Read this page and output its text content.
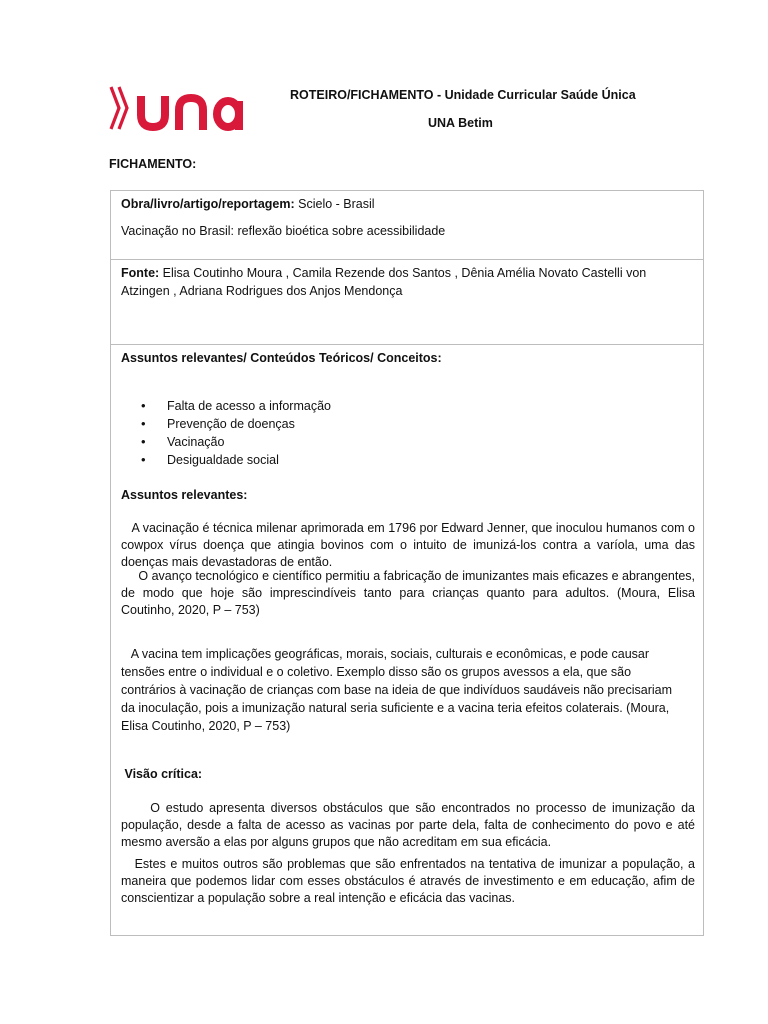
ROTEIRO/FICHAMENTO - Unidade Curricular Saúde Única
UNA Betim
FICHAMENTO:
Obra/livro/artigo/reportagem: Scielo - Brasil
Vacinação no Brasil: reflexão bioética sobre acessibilidade
Fonte: Elisa Coutinho Moura , Camila Rezende dos Santos , Dênia Amélia Novato Castelli von
Atzingen , Adriana Rodrigues dos Anjos Mendonça
Assuntos relevantes/ Conteúdos Teóricos/ Conceitos:
• Falta de acesso a informação
• Prevenção de doenças
• Vacinação
• Desigualdade social
Assuntos relevantes:
A vacinação é técnica milenar aprimorada em 1796 por Edward Jenner, que inoculou humanos com o cowpox vírus doença que atingia bovinos com o intuito de imunizá-los contra a varíola, uma das doenças mais devastadoras de então.
O avanço tecnológico e científico permitiu a fabricação de imunizantes mais eficazes e abrangentes, de modo que hoje são imprescindíveis tanto para crianças quanto para adultos. (Moura, Elisa Coutinho, 2020, P – 753)
A vacina tem implicações geográficas, morais, sociais, culturais e econômicas, e pode causar
tensões entre o individual e o coletivo. Exemplo disso são os grupos avessos a ela, que são
contrários à vacinação de crianças com base na ideia de que indivíduos saudáveis não precisariam
da inoculação, pois a imunização natural seria suficiente e a vacina teria efeitos colaterais. (Moura,
Elisa Coutinho, 2020, P – 753)
Visão crítica:
O estudo apresenta diversos obstáculos que são encontrados no processo de imunização da população, desde a falta de acesso as vacinas por parte dela, falta de conhecimento do povo e até mesmo aversão a elas por alguns grupos que não acreditam em sua eficácia.
Estes e muitos outros são problemas que são enfrentados na tentativa de imunizar a população, a maneira que podemos lidar com esses obstáculos é através de investimento e em educação, afim de conscientizar a população sobre a real intenção e eficácia das vacinas.
